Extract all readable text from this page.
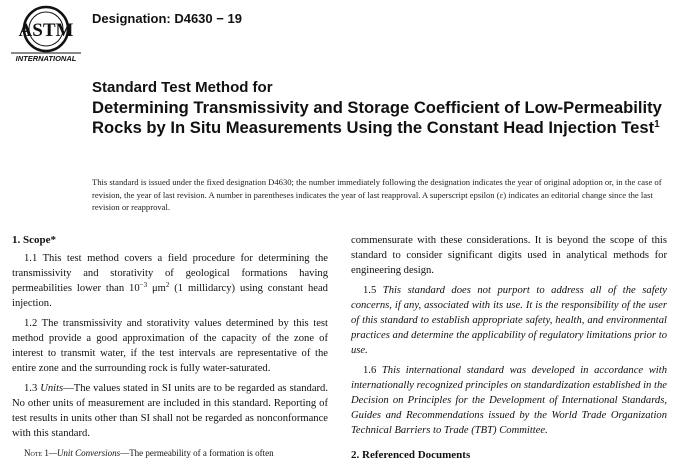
ASTM
INTERNATIONAL
Designation: D4630 − 19
Standard Test Method for
Determining Transmissivity and Storage Coefficient of Low-Permeability Rocks by In Situ Measurements Using the Constant Head Injection Test$^1$
This standard is issued under the fixed designation D4630; the number immediately following the designation indicates the year of original adoption or, in the case of revision, the year of last revision. A number in parentheses indicates the year of last reapproval. A superscript epsilon (ε) indicates an editorial change since the last revision or reapproval.
1. Scope*

1.1 This test method covers a field procedure for determining the transmissivity and storativity of geological formations having permeabilities lower than $10^{-3}$ $\mu m^2$ (1 millidarcy) using constant head injection.

1.2 The transmissivity and storativity values determined by this test method provide a good approximation of the capacity of the zone of interest to transmit water, if the test intervals are representative of the entire zone and the surrounding rock is fully water-saturated.

1.3 Units—The values stated in SI units are to be regarded as standard. No other units of measurement are included in this standard. Reporting of test results in units other than SI shall not be regarded as nonconformance with this standard.

Note 1—Unit Conversions—The permeability of a formation is often

commensurate with these considerations. It is beyond the scope of this standard to consider significant digits used in analytical methods for engineering design.

1.5 This standard does not purport to address all of the safety concerns, if any, associated with its use. It is the responsibility of the user of this standard to establish appropriate safety, health, and environmental practices and determine the applicability of regulatory limitations prior to use.

1.6 This international standard was developed in accordance with internationally recognized principles on standardization established in the Decision on Principles for the Development of International Standards, Guides and Recommendations issued by the World Trade Organization Technical Barriers to Trade (TBT) Committee.

2. Referenced Documents
